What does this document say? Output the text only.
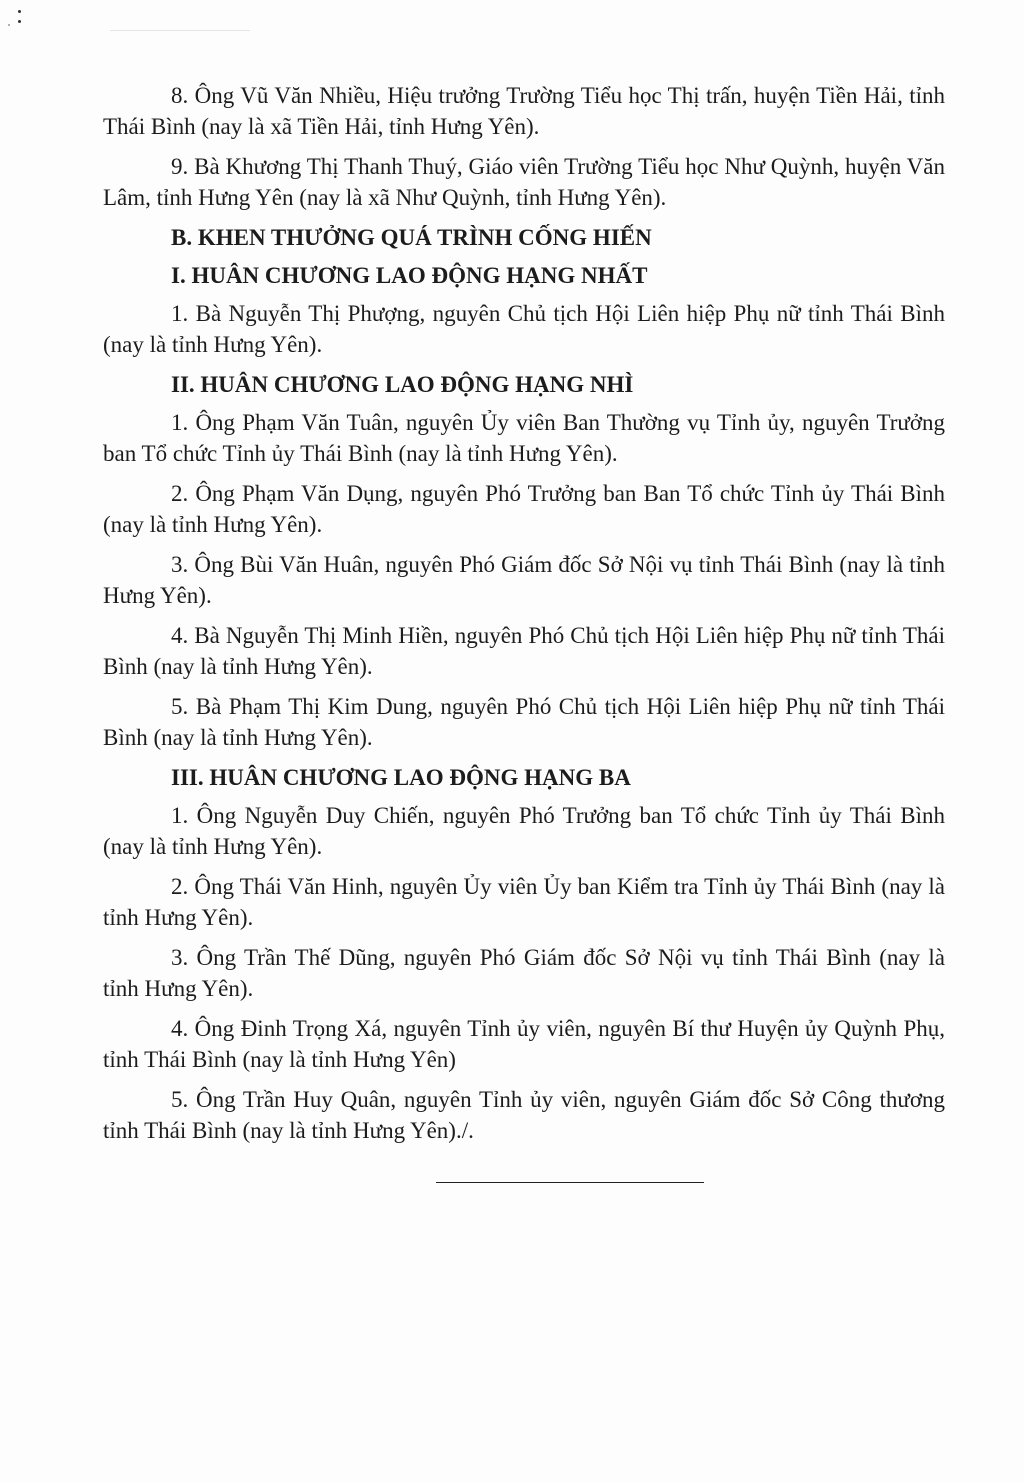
8. Ông Vũ Văn Nhiều, Hiệu trưởng Trường Tiểu học Thị trấn, huyện Tiền Hải, tỉnh Thái Bình (nay là xã Tiền Hải, tỉnh Hưng Yên).

9. Bà Khương Thị Thanh Thuý, Giáo viên Trường Tiểu học Như Quỳnh, huyện Văn Lâm, tỉnh Hưng Yên (nay là xã Như Quỳnh, tỉnh Hưng Yên).

B. KHEN THƯỞNG QUÁ TRÌNH CỐNG HIẾN

I. HUÂN CHƯƠNG LAO ĐỘNG HẠNG NHẤT

1. Bà Nguyễn Thị Phượng, nguyên Chủ tịch Hội Liên hiệp Phụ nữ tỉnh Thái Bình (nay là tỉnh Hưng Yên).

II. HUÂN CHƯƠNG LAO ĐỘNG HẠNG NHÌ

1. Ông Phạm Văn Tuân, nguyên Ủy viên Ban Thường vụ Tỉnh ủy, nguyên Trưởng ban Tổ chức Tỉnh ủy Thái Bình (nay là tỉnh Hưng Yên).

2. Ông Phạm Văn Dụng, nguyên Phó Trưởng ban Ban Tổ chức Tỉnh ủy Thái Bình (nay là tỉnh Hưng Yên).

3. Ông Bùi Văn Huân, nguyên Phó Giám đốc Sở Nội vụ tỉnh Thái Bình (nay là tỉnh Hưng Yên).

4. Bà Nguyễn Thị Minh Hiền, nguyên Phó Chủ tịch Hội Liên hiệp Phụ nữ tỉnh Thái Bình (nay là tỉnh Hưng Yên).

5. Bà Phạm Thị Kim Dung, nguyên Phó Chủ tịch Hội Liên hiệp Phụ nữ tỉnh Thái Bình (nay là tỉnh Hưng Yên).

III. HUÂN CHƯƠNG LAO ĐỘNG HẠNG BA

1. Ông Nguyễn Duy Chiến, nguyên Phó Trưởng ban Tổ chức Tỉnh ủy Thái Bình (nay là tỉnh Hưng Yên).

2. Ông Thái Văn Hinh, nguyên Ủy viên Ủy ban Kiểm tra Tỉnh ủy Thái Bình (nay là tỉnh Hưng Yên).

3. Ông Trần Thế Dũng, nguyên Phó Giám đốc Sở Nội vụ tỉnh Thái Bình (nay là tỉnh Hưng Yên).

4. Ông Đinh Trọng Xá, nguyên Tỉnh ủy viên, nguyên Bí thư Huyện ủy Quỳnh Phụ, tỉnh Thái Bình (nay là tỉnh Hưng Yên)

5. Ông Trần Huy Quân, nguyên Tỉnh ủy viên, nguyên Giám đốc Sở Công thương tỉnh Thái Bình (nay là tỉnh Hưng Yên)./.
